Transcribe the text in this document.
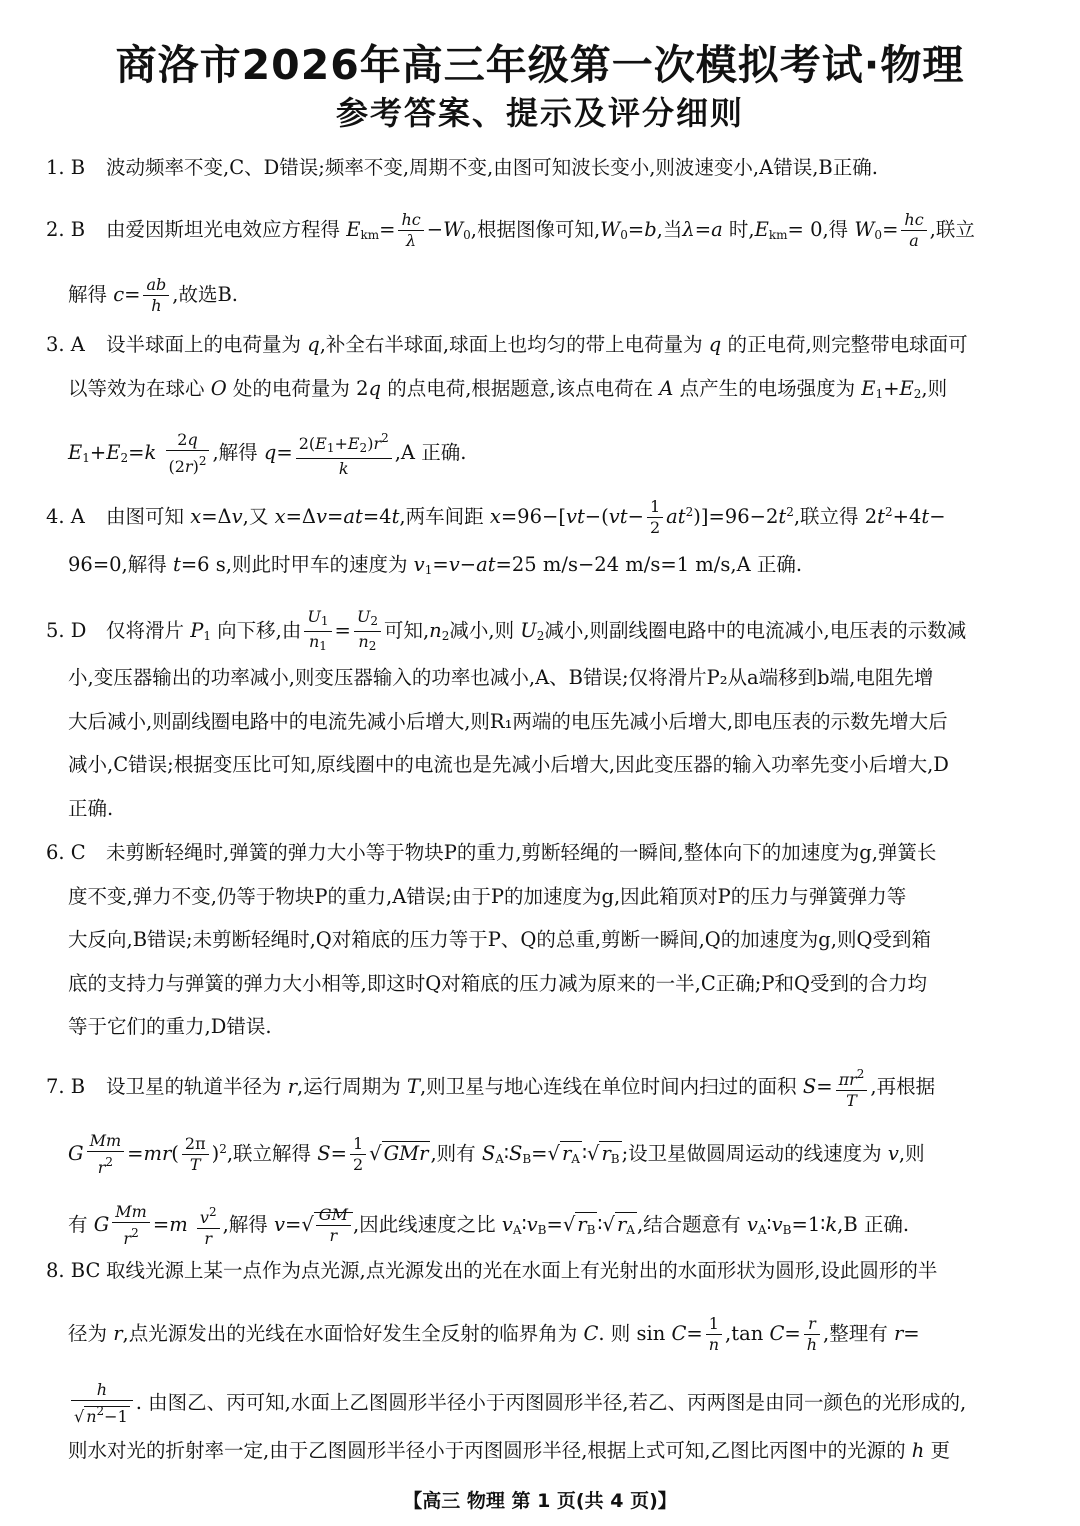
商洛市2026年高三年级第一次模拟考试·物理
参考答案、提示及评分细则
1. B 波动频率不变,C、D错误;频率不变,周期不变,由图可知波长变小,则波速变小,A错误,B正确.
2. B 由爱因斯坦光电效应方程得 $E_{km}= \frac{hc}{\lambda} -W_0$,根据图像可知$,W_0=b$,当λ=a 时$,E_{km}= 0$,得 $W_0= \frac{hc}{a}$ ,联立
解得 $c= \frac{ab}{h}$ ,故选B.
3. A 设半球面上的电荷量为 q,补全右半球面,球面上也均匀的带上电荷量为 q 的正电荷,则完整带电球面可
以等效为在球心 O 处的电荷量为 2q 的点电荷,根据题意,该点电荷在 A 点产生的电场强度为 $E_1+E_2$,则
$E_1+E_2=k \frac{2q}{(2r)^2}$ ,解得 $q= \frac{2(E_1+E_2)r^2}{k} ,A$ 正确.
4. A 由图可知 x=Δv,又 x=Δv=at=4t,两车间距 $x=96-[vt-(vt- \frac{1}{2} at^2)]=96-2t^2$,联立得 $2t^2+4t-$
96=0,解得 t=6 s,则此时甲车的速度为 $v_1=v-at=25$ m/s−24 m/s=1 m/s,A 正确.
5. D 仅将滑片 $P_1$ 向下移,由 $\frac{U_1}{n_1} = \frac{U_2}{n_2}$ 可知$,n_2$减小,则 $U_2$减小,则副线圈电路中的电流减小,电压表的示数减
小,变压器输出的功率减小,则变压器输入的功率也减小,A、B错误;仅将滑片P₂从a端移到b端,电阻先增
大后减小,则副线圈电路中的电流先减小后增大,则R₁两端的电压先减小后增大,即电压表的示数先增大后
减小,C错误;根据变压比可知,原线圈中的电流也是先减小后增大,因此变压器的输入功率先变小后增大,D
正确.
6. C 未剪断轻绳时,弹簧的弹力大小等于物块P的重力,剪断轻绳的一瞬间,整体向下的加速度为g,弹簧长
度不变,弹力不变,仍等于物块P的重力,A错误;由于P的加速度为g,因此箱顶对P的压力与弹簧弹力等
大反向,B错误;未剪断轻绳时,Q对箱底的压力等于P、Q的总重,剪断一瞬间,Q的加速度为g,则Q受到箱
底的支持力与弹簧的弹力大小相等,即这时Q对箱底的压力减为原来的一半,C正确;P和Q受到的合力均
等于它们的重力,D错误.
7. B 设卫星的轨道半径为 r,运行周期为 T,则卫星与地心连线在单位时间内扫过的面积 $S= \frac{\pi r^2}{T}$ ,再根据
G $\frac{Mm}{r^2} =mr( \frac{2\pi}{T} )^2$,联立解得 $S= \frac{1}{2}$ √ GMr ,则有 $S_A∶S_B=√$ $r_A$ ∶√ $r_B$ ;设卫星做圆周运动的线速度为 v,则
有 G $\frac{Mm}{r^2} =m \frac{v^2}{r}$ ,解得 $v=√ \frac{GM}{r}$ ,因此线速度之比 $v_A∶v_B=√$ $r_B$ ∶√ $r_A$ ,结合题意有 $v_A∶v_B=1∶k,B$ 正确.
8. BC 取线光源上某一点作为点光源,点光源发出的光在水面上有光射出的水面形状为圆形,设此圆形的半
径为 r,点光源发出的光线在水面恰好发生全反射的临界角为 C. 则 $\sin C= \frac{1}{n} ,\tan$ $C= \frac{r}{h}$ ,整理有 r=
$\frac{h}{√ n^2-1}$ . 由图乙、丙可知,水面上乙图圆形半径小于丙图圆形半径,若乙、丙两图是由同一颜色的光形成的,
则水对光的折射率一定,由于乙图圆形半径小于丙图圆形半径,根据上式可知,乙图比丙图中的光源的 h 更
【高三 物理 第 1 页(共 4 页)】
